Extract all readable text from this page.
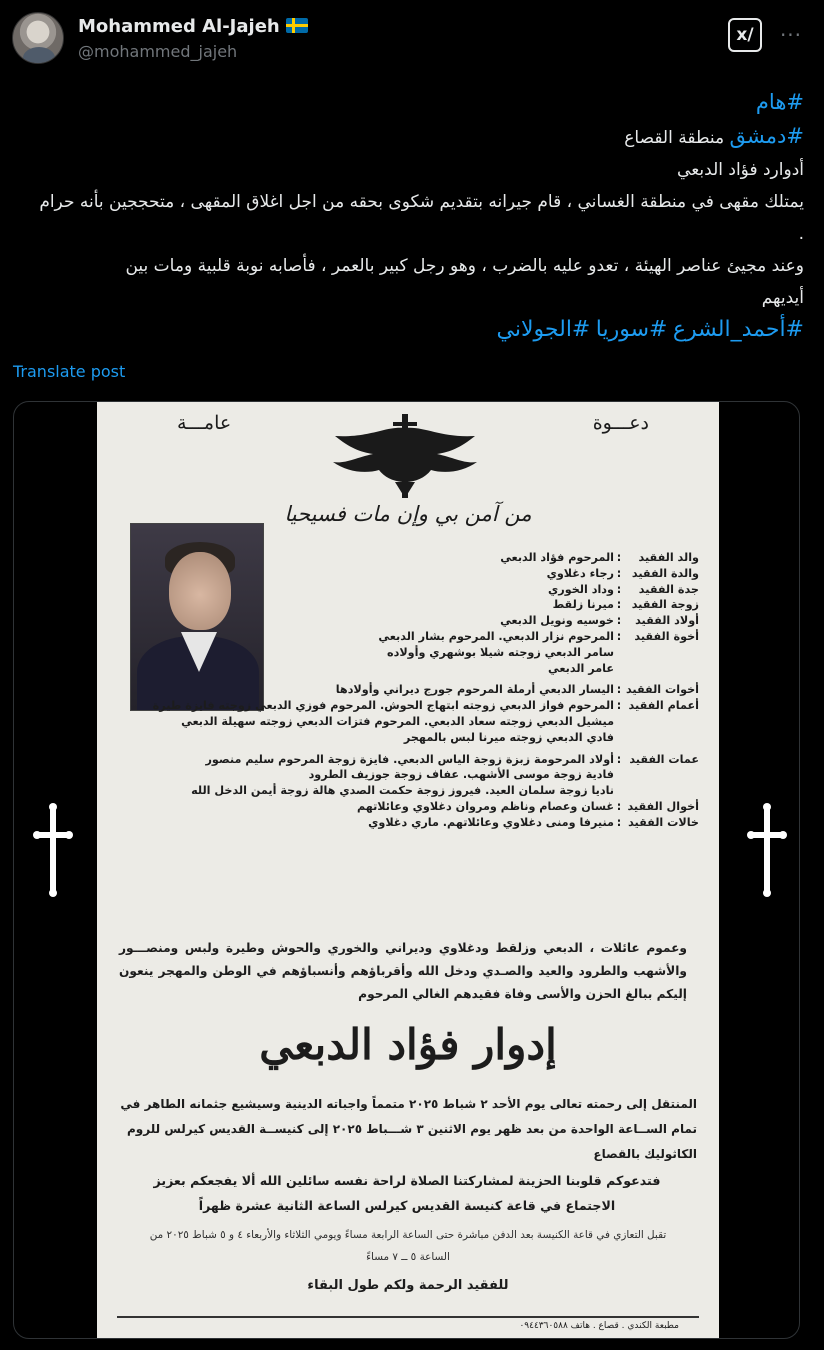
Mohammed Al-Jajeh
@mohammed_jajeh
x/ ···

#هام

#دمشق منطقة القصاع

أدوارد فؤاد الدبعي

يمتلك مقهى في منطقة الغساني ، قام جيرانه بتقديم شكوى بحقه من اجل اغلاق المقهى ، متحججين بأنه حرام

.

وعند مجيئ عناصر الهيئة ، تعدو عليه بالضرب ، وهو رجل كبير بالعمر ، فأصابه نوبة قلبية ومات بين

أيديهم

#أحمد_الشرع #سوريا #الجولاني

Translate post
دعـــوة
عامـــة
من آمن بي وإن مات فسيحيا
والد الفقيد
:
المرحوم فؤاد الدبعي
والدة الفقيد
:
رجاء دغلاوي
جدة الفقيد
:
وداد الخوري
زوجة الفقيد
:
ميرنا زلقط
أولاد الفقيد
:
خوسيه ونويل الدبعي
أخوة الفقيد
:
المرحوم نزار الدبعي. المرحوم بشار الدبعي
سامر الدبعي زوجته شيلا بوشهري وأولاده
عامر الدبعي
أخوات الفقيد
:
اليسار الدبعي أرملة المرحوم جورج ديراني وأولادها
أعمام الفقيد
:
المرحوم فواز الدبعي زوجته ابتهاج الحوش. المرحوم فوزي الدبعي زوجته فايزة طيرة
ميشيل الدبعي زوجته سعاد الدبعي. المرحوم فتزات الدبعي زوجته سهيلة الدبعي
فادي الدبعي زوجته ميرنا لبس بالمهجر
عمات الفقيد
:
أولاد المرحومة زبزة زوجة الياس الدبعي. فايزة زوجة المرحوم سليم منصور
فادية زوجة موسى الأشهب. عفاف زوجة جوزيف الطرود
ناديا زوجة سلمان العيد. فيروز زوجة حكمت الصدي هالة زوجة أيمن الدخل الله
أخوال الفقيد
:
غسان وعصام وناظم ومروان دغلاوي وعائلاتهم
خالات الفقيد
:
منيرفا ومنى دغلاوي وعائلاتهم. ماري دغلاوي
وعموم عائلات ، الدبعي وزلقط ودغلاوي وديراني والخوري والحوش وطيرة ولبس ومنصـــور والأشهب والطرود والعيد والصـدي ودخل الله وأقرباؤهم وأنسباؤهم في الوطن والمهجر ينعون إليكم ببالغ الحزن والأسى وفاة فقيدهم الغالي المرحوم
إدوار فؤاد الدبعي
المنتقل إلى رحمته تعالى يوم الأحد ٢ شباط ٢٠٢٥ متمماً واجباته الدينية وسيشيع جثمانه الطاهر في تمام الســاعة الواحدة من بعد ظهر يوم الاثنين ٣ شـــباط ٢٠٢٥ إلى كنيســة القديس كيرلس للروم الكاثوليك بالقصاع
فتدعوكم قلوبنا الحزينة لمشاركتنا الصلاة لراحة نفسه سائلين الله ألا يفجعكم بعزيز الاجتماع في قاعة كنيسة القديس كيرلس الساعة الثانية عشرة ظهراً
تقبل التعازي في قاعة الكنيسة بعد الدفن مباشرة حتى الساعة الرابعة مساءً ويومي الثلاثاء والأربعاء ٤ و ٥ شباط ٢٠٢٥ من الساعة ٥ ــ ٧ مساءً
للفقيد الرحمة ولكم طول البقاء
مطبعة الكندي . قصاع . هاتف ٠٩٤٤٣٦٠٥٨٨
